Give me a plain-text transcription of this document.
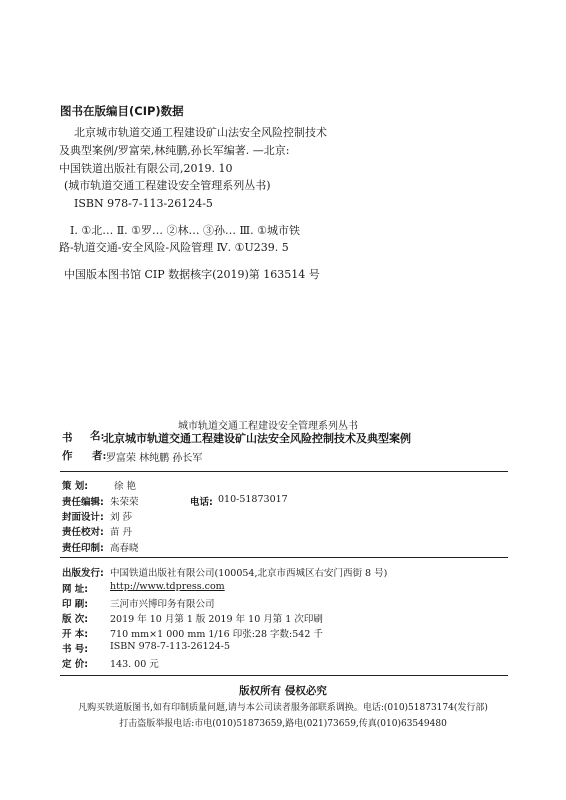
图书在版编目(CIP)数据
北京城市轨道交通工程建设矿山法安全风险控制技术
及典型案例/罗富荣,林纯鹏,孙长军编著. —北京:
中国铁道出版社有限公司,2019. 10
(城市轨道交通工程建设安全管理系列丛书)
ISBN 978-7-113-26124-5
Ⅰ. ①北… Ⅱ. ①罗… ②林… ③孙… Ⅲ. ①城市铁
路-轨道交通-安全风险-风险管理 Ⅳ. ①U239. 5
中国版本图书馆 CIP 数据核字(2019)第 163514 号
城市轨道交通工程建设安全管理系列丛书
书 名:
北京城市轨道交通工程建设矿山法安全风险控制技术及典型案例
作 者: 罗富荣 林纯鹏 孙长军
策 划:	徐 艳
责任编辑: 朱荣荣	电话: 010-51873017
封面设计: 刘 莎
责任校对: 苗 丹
责任印制: 高春晓
出版发行: 中国铁道出版社有限公司(100054,北京市西城区右安门西街 8 号)
网 址: http://www.tdpress.com
印 刷: 三河市兴博印务有限公司
版 次: 2019 年 10 月第 1 版 2019 年 10 月第 1 次印刷
开 本: 710 mm×1 000 mm 1/16 印张:28 字数:542 千
书 号: ISBN 978-7-113-26124-5
定 价: 143. 00 元
版权所有 侵权必究
凡购买铁道版图书,如有印制质量问题,请与本公司读者服务部联系调换。电话:(010)51873174(发行部)
打击盗版举报电话:市电(010)51873659,路电(021)73659,传真(010)63549480
